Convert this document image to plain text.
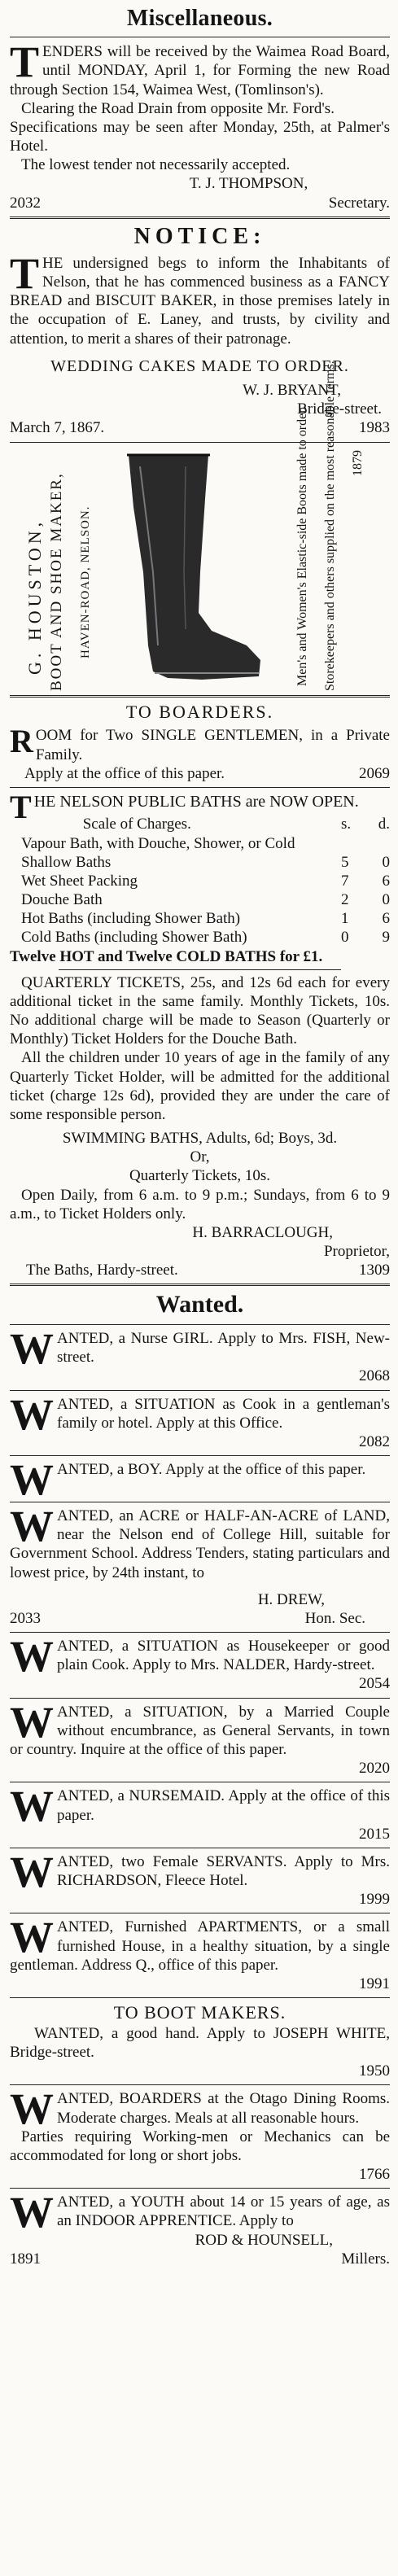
Miscellaneous.
T ENDERS will be received by the Waimea Road Board, until MONDAY, April 1, for Forming the new Road through Section 154, Waimea West, (Tomlinson's).

Clearing the Road Drain from opposite Mr. Ford's.

Specifications may be seen after Monday, 25th, at Palmer's Hotel.

The lowest tender not necessarily accepted.

T. J. THOMPSON,
2032	Secretary.
NOTICE:
T HE undersigned begs to inform the Inhabitants of Nelson, that he has commenced business as a FANCY BREAD and BISCUIT BAKER, in those premises lately in the occupation of E. Laney, and trusts, by civility and attention, to merit a shares of their patronage.
WEDDING CAKES MADE TO ORDER.
W. J. BRYANT,
Bridge-street.
March 7, 1867.	1983
G. HOUSTON, BOOT AND SHOE MAKER, HAVEN-ROAD, NELSON.	Men's and Women's Elastic-side Boots made to order. Storekeepers and others supplied on the most reasonable terms. 1879
TO BOARDERS.
R OOM for Two SINGLE GENTLEMEN, in a Private Family.
Apply at the office of this paper.	2069
T HE NELSON PUBLIC BATHS are NOW OPEN.
Scale of Charges.	s. d.
Vapour Bath, with Douche, Shower, or Cold Shallow Baths	5 0
Wet Sheet Packing	7 6
Douche Bath	2 0
Hot Baths (including Shower Bath)	1 6
Cold Baths (including Shower Bath)	0 9
Twelve HOT and Twelve COLD BATHS for £1.
QUARTERLY TICKETS, 25s, and 12s 6d each for every additional ticket in the same family. Monthly Tickets, 10s. No additional charge will be made to Season (Quarterly or Monthly) Ticket Holders for the Douche Bath.
All the children under 10 years of age in the family of any Quarterly Ticket Holder, will be admitted for the additional ticket (charge 12s 6d), provided they are under the care of some responsible person.
SWIMMING BATHS, Adults, 6d; Boys, 3d.
Or,
Quarterly Tickets, 10s.
Open Daily, from 6 a.m. to 9 p.m.; Sundays, from 6 to 9 a.m., to Ticket Holders only.
H. BARRACLOUGH,
Proprietor,
The Baths, Hardy-street.	1309
Wanted.
W ANTED, a Nurse GIRL. Apply to Mrs. FISH, New-street.
2068
W ANTED, a SITUATION as Cook in a gentleman's family or hotel. Apply at this Office.
2082
W ANTED, a BOY. Apply at the office of this paper.
W ANTED, an ACRE or HALF-AN-ACRE of LAND, near the Nelson end of College Hill, suitable for Government School. Address Tenders, stating particulars and lowest price, by 24th instant, to
H. DREW,
2033	Hon. Sec.
W ANTED, a SITUATION as Housekeeper or good plain Cook. Apply to Mrs. NALDER, Hardy-street.
2054
W ANTED, a SITUATION, by a Married Couple without encumbrance, as General Servants, in town or country. Inquire at the office of this paper.
2020
W ANTED, a NURSEMAID. Apply at the office of this paper.
2015
W ANTED, two Female SERVANTS. Apply to Mrs. RICHARDSON, Fleece Hotel.
1999
W ANTED, Furnished APARTMENTS, or a small furnished House, in a healthy situation, by a single gentleman. Address Q., office of this paper.
1991
TO BOOT MAKERS.
WANTED, a good hand. Apply to JOSEPH WHITE, Bridge-street.
1950
W ANTED, BOARDERS at the Otago Dining Rooms. Moderate charges. Meals at all reasonable hours.
Parties requiring Working-men or Mechanics can be accommodated for long or short jobs.
1766
W ANTED, a YOUTH about 14 or 15 years of age, as an INDOOR APPRENTICE. Apply to
ROD & HOUNSELL,
1891	Millers.
